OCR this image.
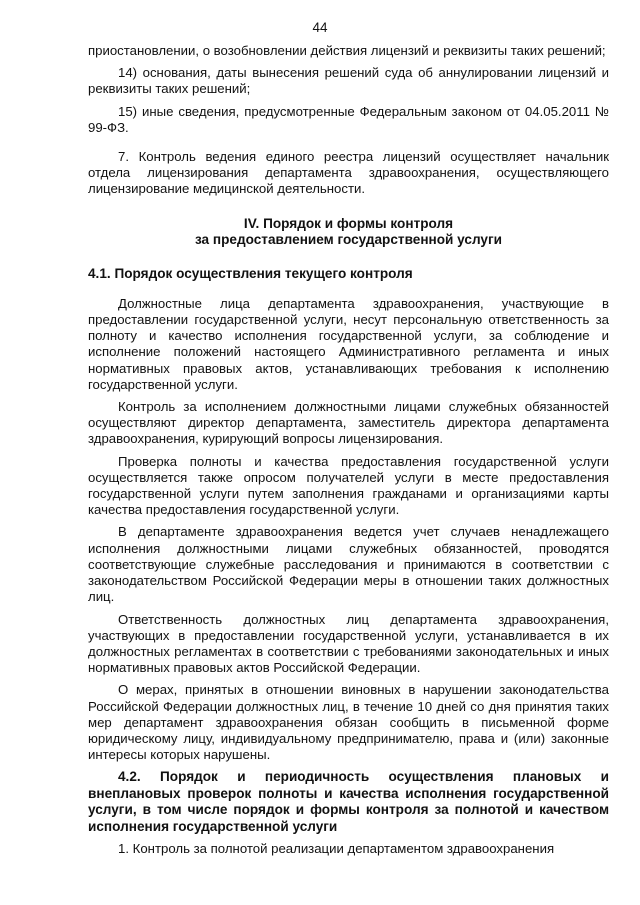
44

приостановлении, о возобновлении действия лицензий и реквизиты таких решений;

14) основания, даты вынесения решений суда об аннулировании лицензий и реквизиты таких решений;

15) иные сведения, предусмотренные Федеральным законом от 04.05.2011 № 99-ФЗ.

7. Контроль ведения единого реестра лицензий осуществляет начальник отдела лицензирования департамента здравоохранения, осуществляющего лицензирование медицинской деятельности.

IV. Порядок и формы контроля
за предоставлением государственной услуги
4.1. Порядок осуществления текущего контроля

Должностные лица департамента здравоохранения, участвующие в предоставлении государственной услуги, несут персональную ответственность за полноту и качество исполнения государственной услуги, за соблюдение и исполнение положений настоящего Административного регламента и иных нормативных правовых актов, устанавливающих требования к исполнению государственной услуги.

Контроль за исполнением должностными лицами служебных обязанностей осуществляют директор департамента, заместитель директора департамента здравоохранения, курирующий вопросы лицензирования.

Проверка полноты и качества предоставления государственной услуги осуществляется также опросом получателей услуги в месте предоставления государственной услуги путем заполнения гражданами и организациями карты качества предоставления государственной услуги.

В департаменте здравоохранения ведется учет случаев ненадлежащего исполнения должностными лицами служебных обязанностей, проводятся соответствующие служебные расследования и принимаются в соответствии с законодательством Российской Федерации меры в отношении таких должностных лиц.

Ответственность должностных лиц департамента здравоохранения, участвующих в предоставлении государственной услуги, устанавливается в их должностных регламентах в соответствии с требованиями законодательных и иных нормативных правовых актов Российской Федерации.

О мерах, принятых в отношении виновных в нарушении законодательства Российской Федерации должностных лиц, в течение 10 дней со дня принятия таких мер департамент здравоохранения обязан сообщить в письменной форме юридическому лицу, индивидуальному предпринимателю, права и (или) законные интересы которых нарушены.

4.2. Порядок и периодичность осуществления плановых и внеплановых проверок полноты и качества исполнения государственной услуги, в том числе порядок и формы контроля за полнотой и качеством исполнения государственной услуги

1. Контроль за полнотой реализации департаментом здравоохранения
